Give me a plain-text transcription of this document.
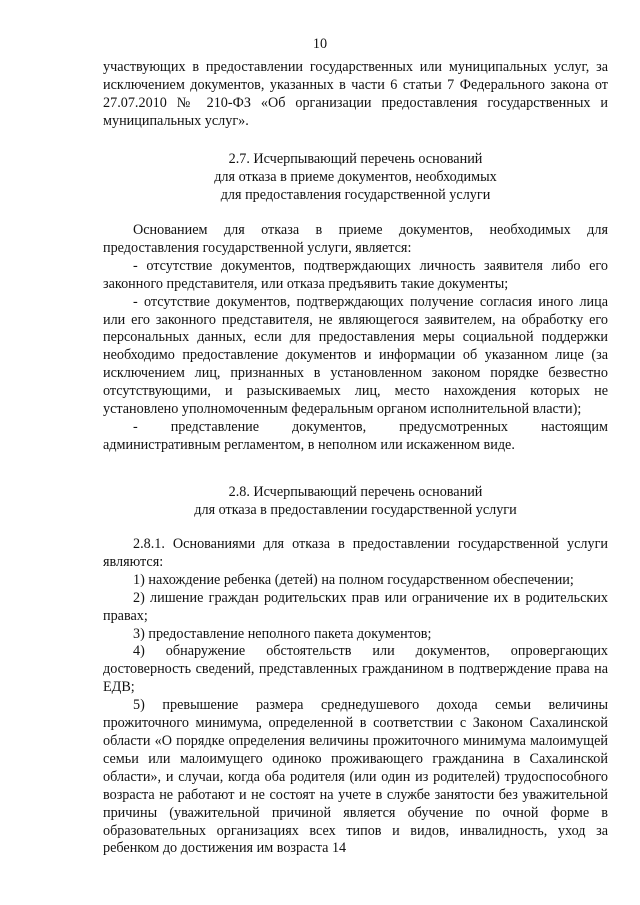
10

участвующих в предоставлении государственных или муниципальных услуг, за исключением документов, указанных в части 6 статьи 7 Федерального закона от 27.07.2010 № 210-ФЗ «Об организации предоставления государственных и муниципальных услуг».

2.7. Исчерпывающий перечень оснований
для отказа в приеме документов, необходимых
для предоставления государственной услуги

Основанием для отказа в приеме документов, необходимых для предоставления государственной услуги, является:

- отсутствие документов, подтверждающих личность заявителя либо его законного представителя, или отказа предъявить такие документы;

- отсутствие документов, подтверждающих получение согласия иного лица или его законного представителя, не являющегося заявителем, на обработку его персональных данных, если для предоставления меры социальной поддержки необходимо предоставление документов и информации об указанном лице (за исключением лиц, признанных в установленном законом порядке безвестно отсутствующими, и разыскиваемых лиц, место нахождения которых не установлено уполномоченным федеральным органом исполнительной власти);

- представление документов, предусмотренных настоящим административным регламентом, в неполном или искаженном виде.

2.8. Исчерпывающий перечень оснований
для отказа в предоставлении государственной услуги

2.8.1. Основаниями для отказа в предоставлении государственной услуги являются:

1) нахождение ребенка (детей) на полном государственном обеспечении;

2) лишение граждан родительских прав или ограничение их в родительских правах;

3) предоставление неполного пакета документов;

4) обнаружение обстоятельств или документов, опровергающих достоверность сведений, представленных гражданином в подтверждение права на ЕДВ;

5) превышение размера среднедушевого дохода семьи величины прожиточного минимума, определенной в соответствии с Законом Сахалинской области «О порядке определения величины прожиточного минимума малоимущей семьи или малоимущего одиноко проживающего гражданина в Сахалинской области», и случаи, когда оба родителя (или один из родителей) трудоспособного возраста не работают и не состоят на учете в службе занятости без уважительной причины (уважительной причиной является обучение по очной форме в образовательных организациях всех типов и видов, инвалидность, уход за ребенком до достижения им возраста 14
